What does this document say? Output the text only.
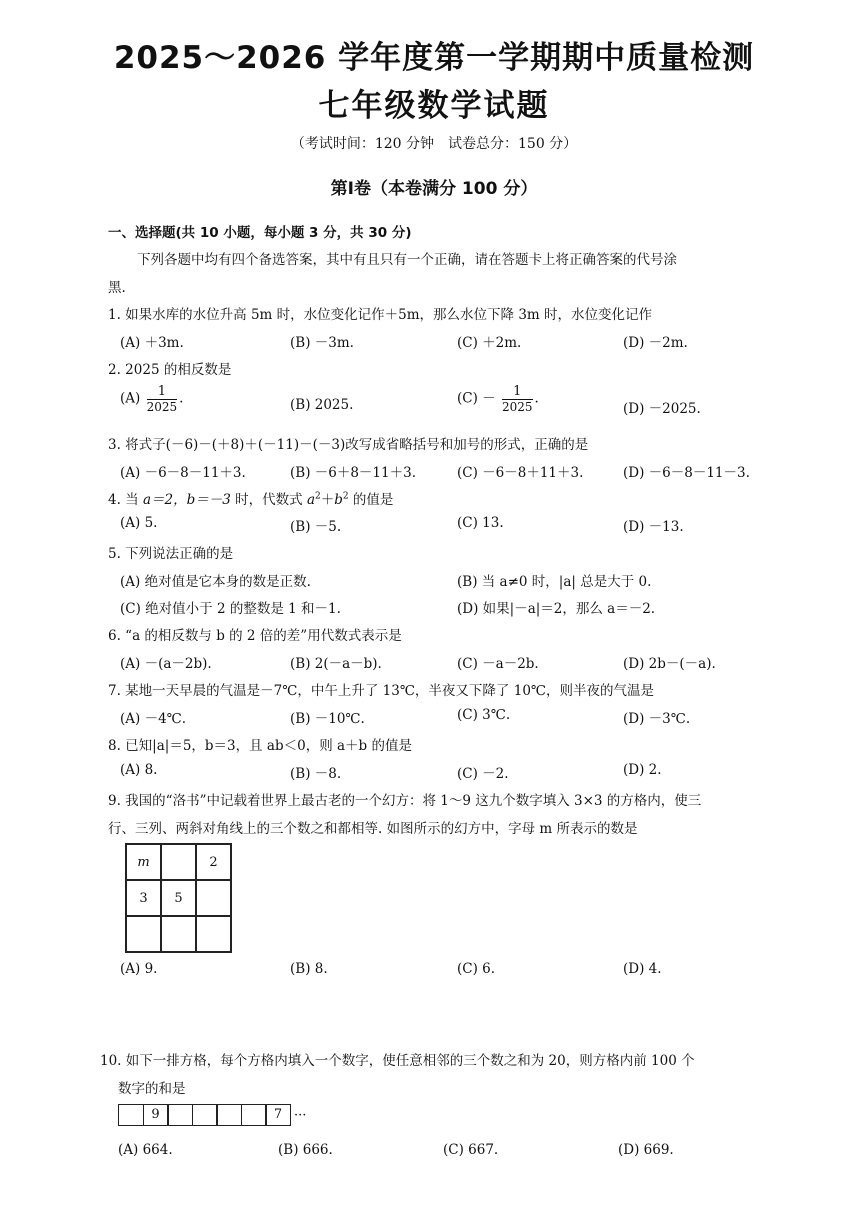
2025～2026 学年度第一学期期中质量检测
七年级数学试题
（考试时间：120 分钟　试卷总分：150 分）
第Ⅰ卷（本卷满分 100 分）
一、选择题(共 10 小题，每小题 3 分，共 30 分)
下列各题中均有四个备选答案，其中有且只有一个正确，请在答题卡上将正确答案的代号涂
黑.
1. 如果水库的水位升高 5m 时，水位变化记作＋5m，那么水位下降 3m 时，水位变化记作
(A) ＋3m.	(B) －3m.	(C) ＋2m.	(D) －2m.
2. 2025 的相反数是
$(A) \frac{1}{2025}$ .	(B) 2025.	$(C) - \frac{1}{2025}$ .
(D) －2025.
3. 将式子(－6)－(＋8)＋(－11)－(－3)改写成省略括号和加号的形式，正确的是
(A) －6－8－11＋3.	(B) －6＋8－11＋3.	(C) －6－8＋11＋3.	(D) －6－8－11－3.
4. 当 a＝2，b＝－3 时，代数式 $a^2+b^2$ 的值是
(A) 5.	(B) －5.	(C) 13.	(D) －13.
5. 下列说法正确的是
(A) 绝对值是它本身的数是正数.	(B) 当 a≠0 时，|a| 总是大于 0.
(C) 绝对值小于 2 的整数是 1 和－1.	(D) 如果|－a|＝2，那么 a＝－2.
6. “a 的相反数与 b 的 2 倍的差”用代数式表示是
(A) －(a－2b).	(B) 2(－a－b).	(C) －a－2b.	(D) 2b－(－a).
7. 某地一天早晨的气温是－7℃，中午上升了 13℃，半夜又下降了 10℃，则半夜的气温是
(A) －4℃.	(B) －10℃.	(C) 3℃.	(D) －3℃.
8. 已知|a|＝5，b＝3，且 ab＜0，则 a＋b 的值是
(A) 8.	(B) －8.	(C) －2.	(D) 2.
9. 我国的“洛书”中记载着世界上最古老的一个幻方：将 1～9 这九个数字填入 3×3 的方格内，使三
行、三列、两斜对角线上的三个数之和都相等. 如图所示的幻方中，字母 m 所表示的数是
m		2
3	5	

(A) 9.	(B) 8.	(C) 6.	(D) 4.
10. 如下一排方格，每个方格内填入一个数字，使任意相邻的三个数之和为 20，则方格内前 100 个
数字的和是
9	7 ···
(A) 664.	(B) 666.	(C) 667.	(D) 669.
